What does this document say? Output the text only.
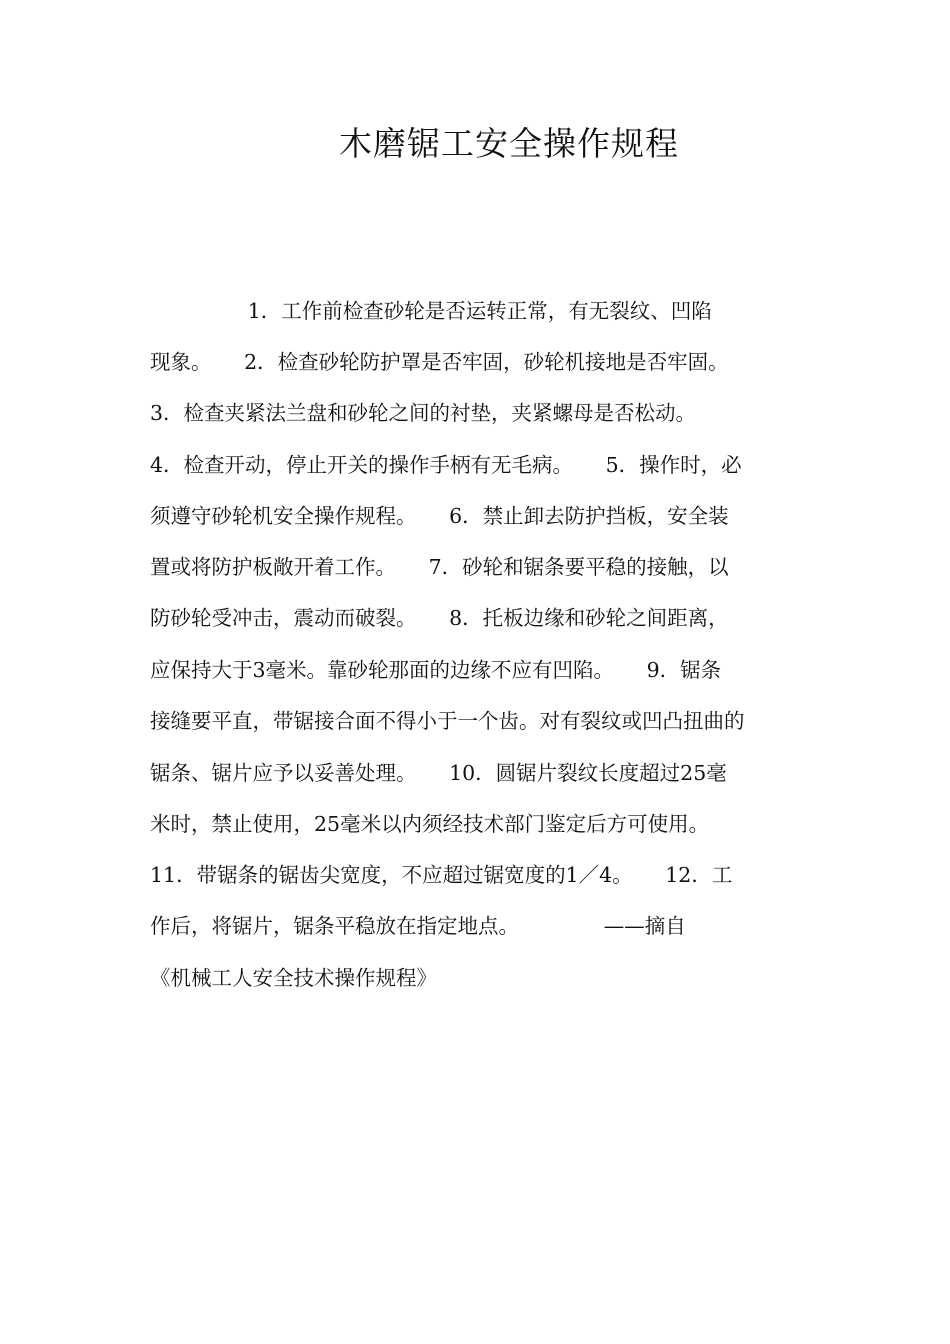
木磨锯工安全操作规程
1．工作前检查砂轮是否运转正常，有无裂纹、凹陷
现象。     2．检查砂轮防护罩是否牢固，砂轮机接地是否牢固。
3．检查夹紧法兰盘和砂轮之间的衬垫，夹紧螺母是否松动。
4．检查开动，停止开关的操作手柄有无毛病。     5．操作时，必
须遵守砂轮机安全操作规程。     6．禁止卸去防护挡板，安全装
置或将防护板敞开着工作。     7．砂轮和锯条要平稳的接触，以
防砂轮受冲击，震动而破裂。     8．托板边缘和砂轮之间距离，
应保持大于3毫米。靠砂轮那面的边缘不应有凹陷。     9．锯条
接缝要平直，带锯接合面不得小于一个齿。对有裂纹或凹凸扭曲的
锯条、锯片应予以妥善处理。     10．圆锯片裂纹长度超过25毫
米时，禁止使用，25毫米以内须经技术部门鉴定后方可使用。
11．带锯条的锯齿尖宽度，不应超过锯宽度的1／4。     12．工
作后，将锯片，锯条平稳放在指定地点。             ——摘自
《机械工人安全技术操作规程》
